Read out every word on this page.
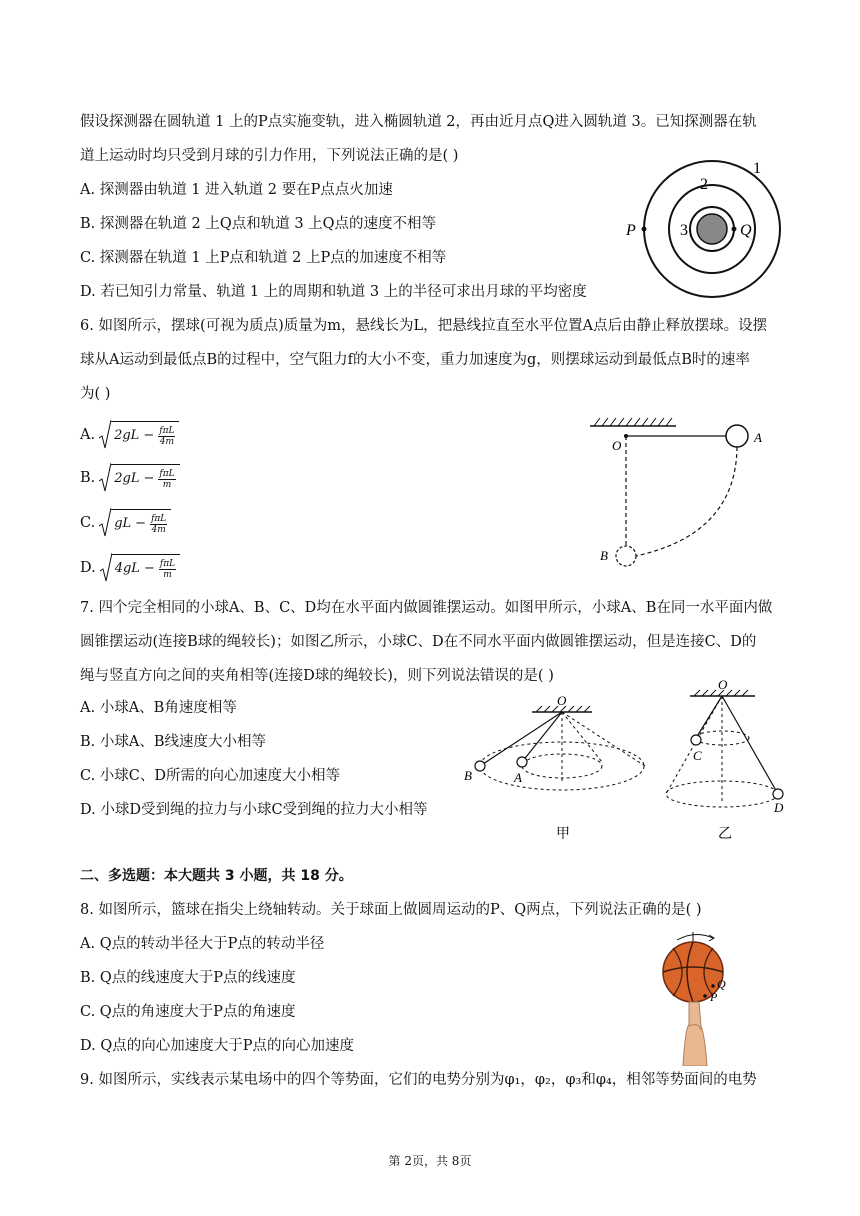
假设探测器在圆轨道 1 上的P点实施变轨，进入椭圆轨道 2，再由近月点Q进入圆轨道 3。已知探测器在轨
道上运动时均只受到月球的引力作用，下列说法正确的是( )
A. 探测器由轨道 1 进入轨道 2 要在P点点火加速
B. 探测器在轨道 2 上Q点和轨道 3 上Q点的速度不相等
C. 探测器在轨道 1 上P点和轨道 2 上P点的加速度不相等
D. 若已知引力常量、轨道 1 上的周期和轨道 3 上的半径可求出月球的平均密度
P	Q
1
2
3
6. 如图所示，摆球(可视为质点)质量为m，悬线长为L，把悬线拉直至水平位置A点后由静止释放摆球。设摆
球从A运动到最低点B的过程中，空气阻力f的大小不变，重力加速度为g，则摆球运动到最低点B时的速率
为( )
A. $2gL - \frac{\text{fπL}}{4m}$
B. $2gL - \frac{\text{fπL}}{m}$
C. gL − $\frac{\text{fπL}}{4m}$
D. $4gL - \frac{\text{fπL}}{m}$
O
A
B
7. 四个完全相同的小球A、B、C、D均在水平面内做圆锥摆运动。如图甲所示，小球A、B在同一水平面内做
圆锥摆运动(连接B球的绳较长)；如图乙所示，小球C、D在不同水平面内做圆锥摆运动，但是连接C、D的
绳与竖直方向之间的夹角相等(连接D球的绳较长)，则下列说法错误的是( )
A. 小球A、B角速度相等
B. 小球A、B线速度大小相等
C. 小球C、D所需的向心加速度大小相等
D. 小球D受到绳的拉力与小球C受到绳的拉力大小相等
O
B	A
甲
O
C
D
乙
二、多选题：本大题共 3 小题，共 18 分。
8. 如图所示，篮球在指尖上绕轴转动。关于球面上做圆周运动的P、Q两点，下列说法正确的是( )
A. Q点的转动半径大于P点的转动半径
B. Q点的线速度大于P点的线速度
C. Q点的角速度大于P点的角速度
D. Q点的向心加速度大于P点的向心加速度
Q
P
9. 如图所示，实线表示某电场中的四个等势面，它们的电势分别为φ₁，φ₂，φ₃和φ₄，相邻等势面间的电势
第 2页，共 8页
